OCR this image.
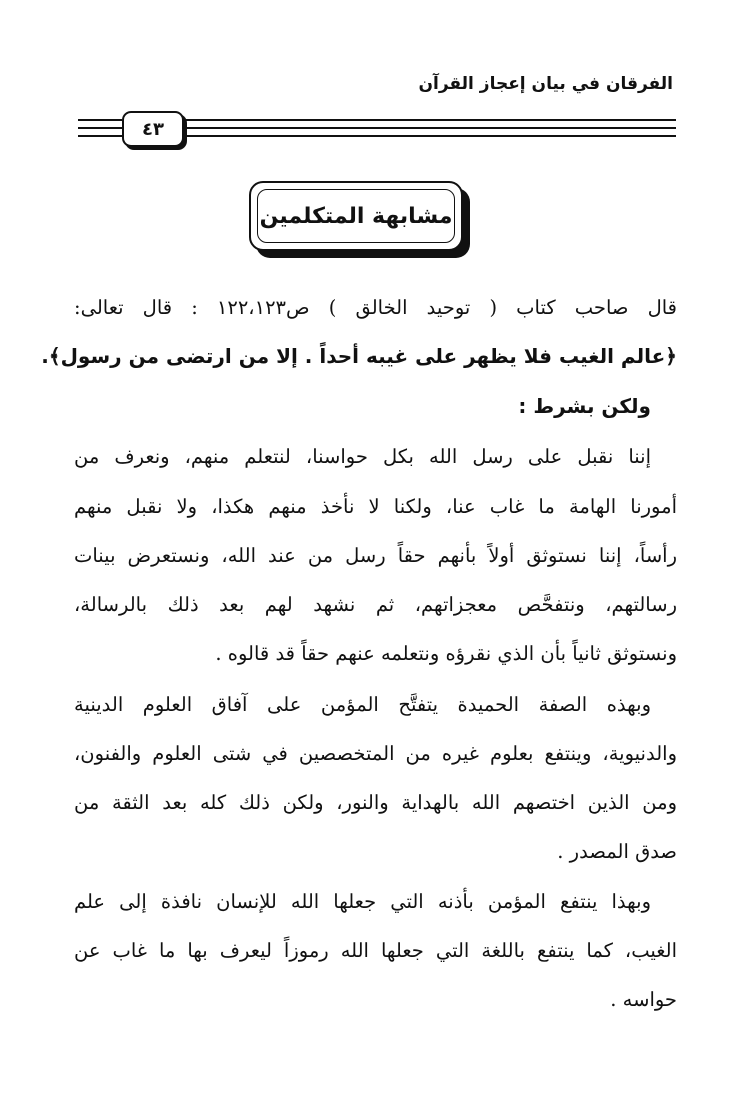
الفرقان في بيان إعجاز القرآن
٤٣
مشابهة المتكلمين
قال صاحب كتاب ( توحيد الخالق ) ص١٢٢،١٢٣ : قال تعالى:
﴿عالم الغيب فلا يظهر على غيبه أحداً . إلا من ارتضى من رسول﴾.
ولكن بشرط :
إننا نقبل على رسل الله بكل حواسنا، لنتعلم منهم، ونعرف من
أمورنا الهامة ما غاب عنا، ولكنا لا نأخذ منهم هكذا، ولا نقبل منهم
رأساً، إننا نستوثق أولاً بأنهم حقاً رسل من عند الله، ونستعرض بينات
رسالتهم، ونتفحَّص معجزاتهم، ثم نشهد لهم بعد ذلك بالرسالة،
ونستوثق ثانياً بأن الذي نقرؤه ونتعلمه عنهم حقاً قد قالوه .
وبهذه الصفة الحميدة يتفتَّح المؤمن على آفاق العلوم الدينية
والدنيوية، وينتفع بعلوم غيره من المتخصصين في شتى العلوم والفنون،
ومن الذين اختصهم الله بالهداية والنور، ولكن ذلك كله بعد الثقة من
صدق المصدر .
وبهذا ينتفع المؤمن بأذنه التي جعلها الله للإنسان نافذة إلى علم
الغيب، كما ينتفع باللغة التي جعلها الله رموزاً ليعرف بها ما غاب عن
حواسه .
